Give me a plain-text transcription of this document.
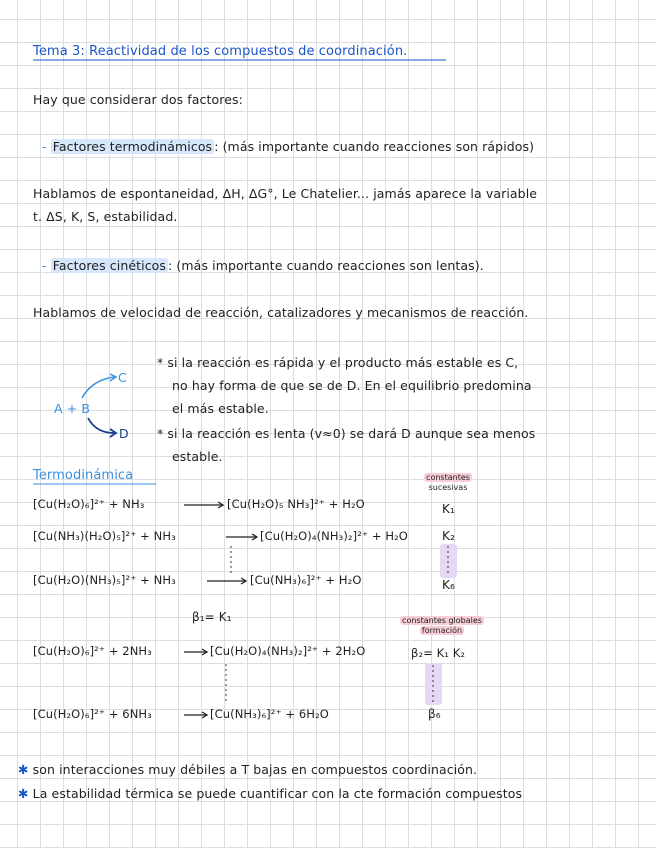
Tema 3: Reactividad de los compuestos de coordinación.
Hay que considerar dos factores:
- Factores termodinámicos : (más importante cuando reacciones son rápidos)
Hablamos de espontaneidad, ΔH, ΔG°, Le Chatelier... jamás aparece la variable
t. ΔS, K, S, estabilidad.
- Factores cinéticos : (más importante cuando reacciones son lentas).
Hablamos de velocidad de reacción, catalizadores y mecanismos de reacción.
A + B
C
D
* si la reacción es rápida y el producto más estable es C,
no hay forma de que se de D. En el equilibrio predomina
el más estable.
* si la reacción es lenta (v≈0) se dará D aunque sea menos
estable.
Termodinámica	constantes
sucesivas
[Cu(H₂O)₆]²⁺ + NH₃	[Cu(H₂O)₅ NH₃]²⁺ + H₂O	K₁
[Cu(NH₃)(H₂O)₅]²⁺ + NH₃	[Cu(H₂O)₄(NH₃)₂]²⁺ + H₂O	K₂
[Cu(H₂O)(NH₃)₅]²⁺ + NH₃	[Cu(NH₃)₆]²⁺ + H₂O	K₆
β₁= K₁	constantes globales
formación
[Cu(H₂O)₆]²⁺ + 2NH₃	[Cu(H₂O)₄(NH₃)₂]²⁺ + 2H₂O	β₂= K₁ K₂
[Cu(H₂O)₆]²⁺ + 6NH₃	[Cu(NH₃)₆]²⁺ + 6H₂O	β₆
✱ son interacciones muy débiles a T bajas en compuestos coordinación.
✱ La estabilidad térmica se puede cuantificar con la cte formación compuestos
